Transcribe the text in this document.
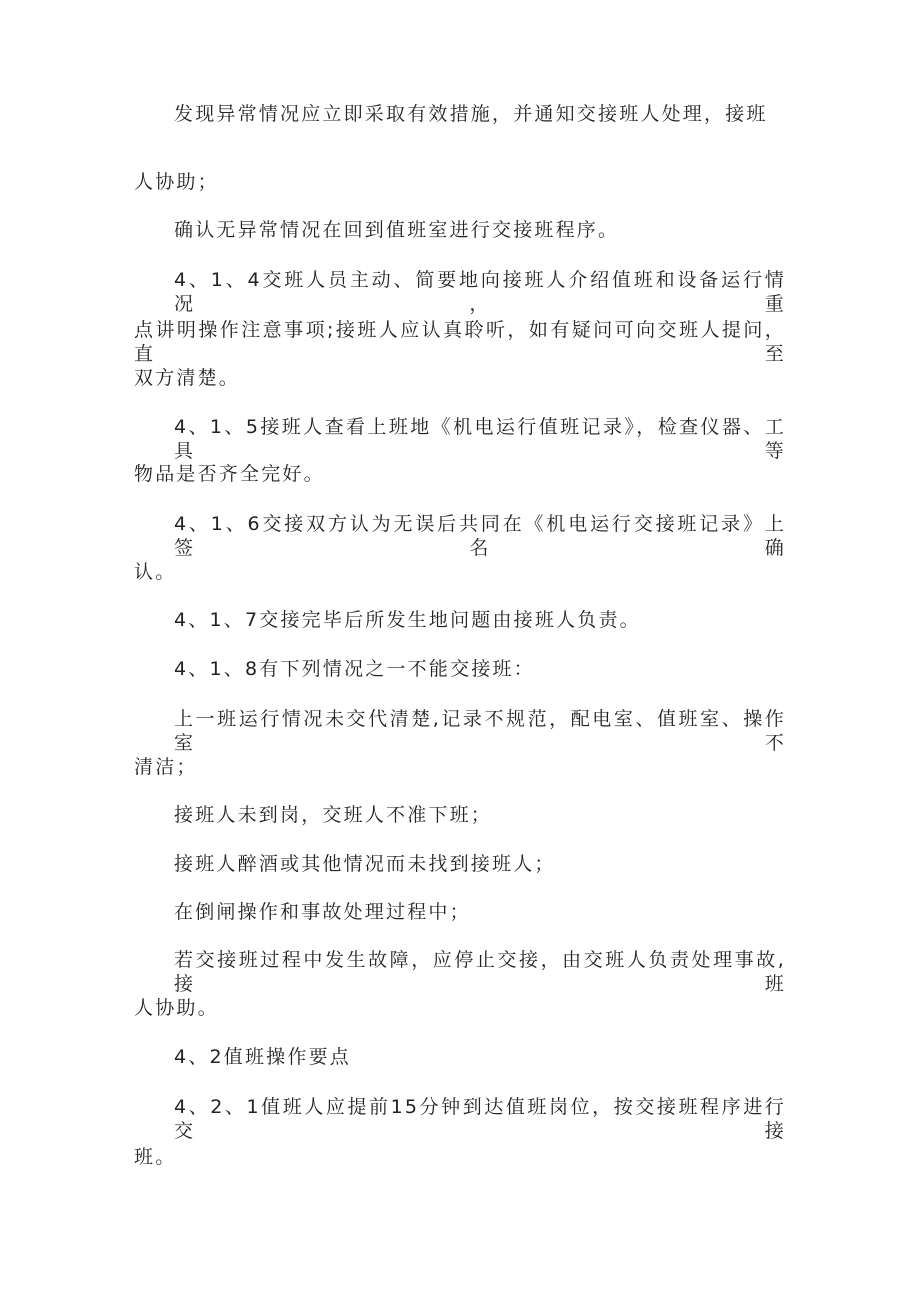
发现异常情况应立即采取有效措施，并通知交接班人处理，接班
人协助；
确认无异常情况在回到值班室进行交接班程序。
4、1、4交班人员主动、简要地向接班人介绍值班和设备运行情况，重
点讲明操作注意事项;接班人应认真聆听，如有疑问可向交班人提问，直至
双方清楚。
4、1、5接班人查看上班地《机电运行值班记录》，检查仪器、工具等
物品是否齐全完好。
4、1、6交接双方认为无误后共同在《机电运行交接班记录》上签名确
认。
4、1、7交接完毕后所发生地问题由接班人负责。
4、1、8有下列情况之一不能交接班：
上一班运行情况未交代清楚,记录不规范，配电室、值班室、操作室不
清洁；
接班人未到岗，交班人不准下班；
接班人醉酒或其他情况而未找到接班人；
在倒闸操作和事故处理过程中；
若交接班过程中发生故障，应停止交接，由交班人负责处理事故,接班
人协助。
4、2值班操作要点
4、2、1值班人应提前15分钟到达值班岗位，按交接班程序进行交接
班。
